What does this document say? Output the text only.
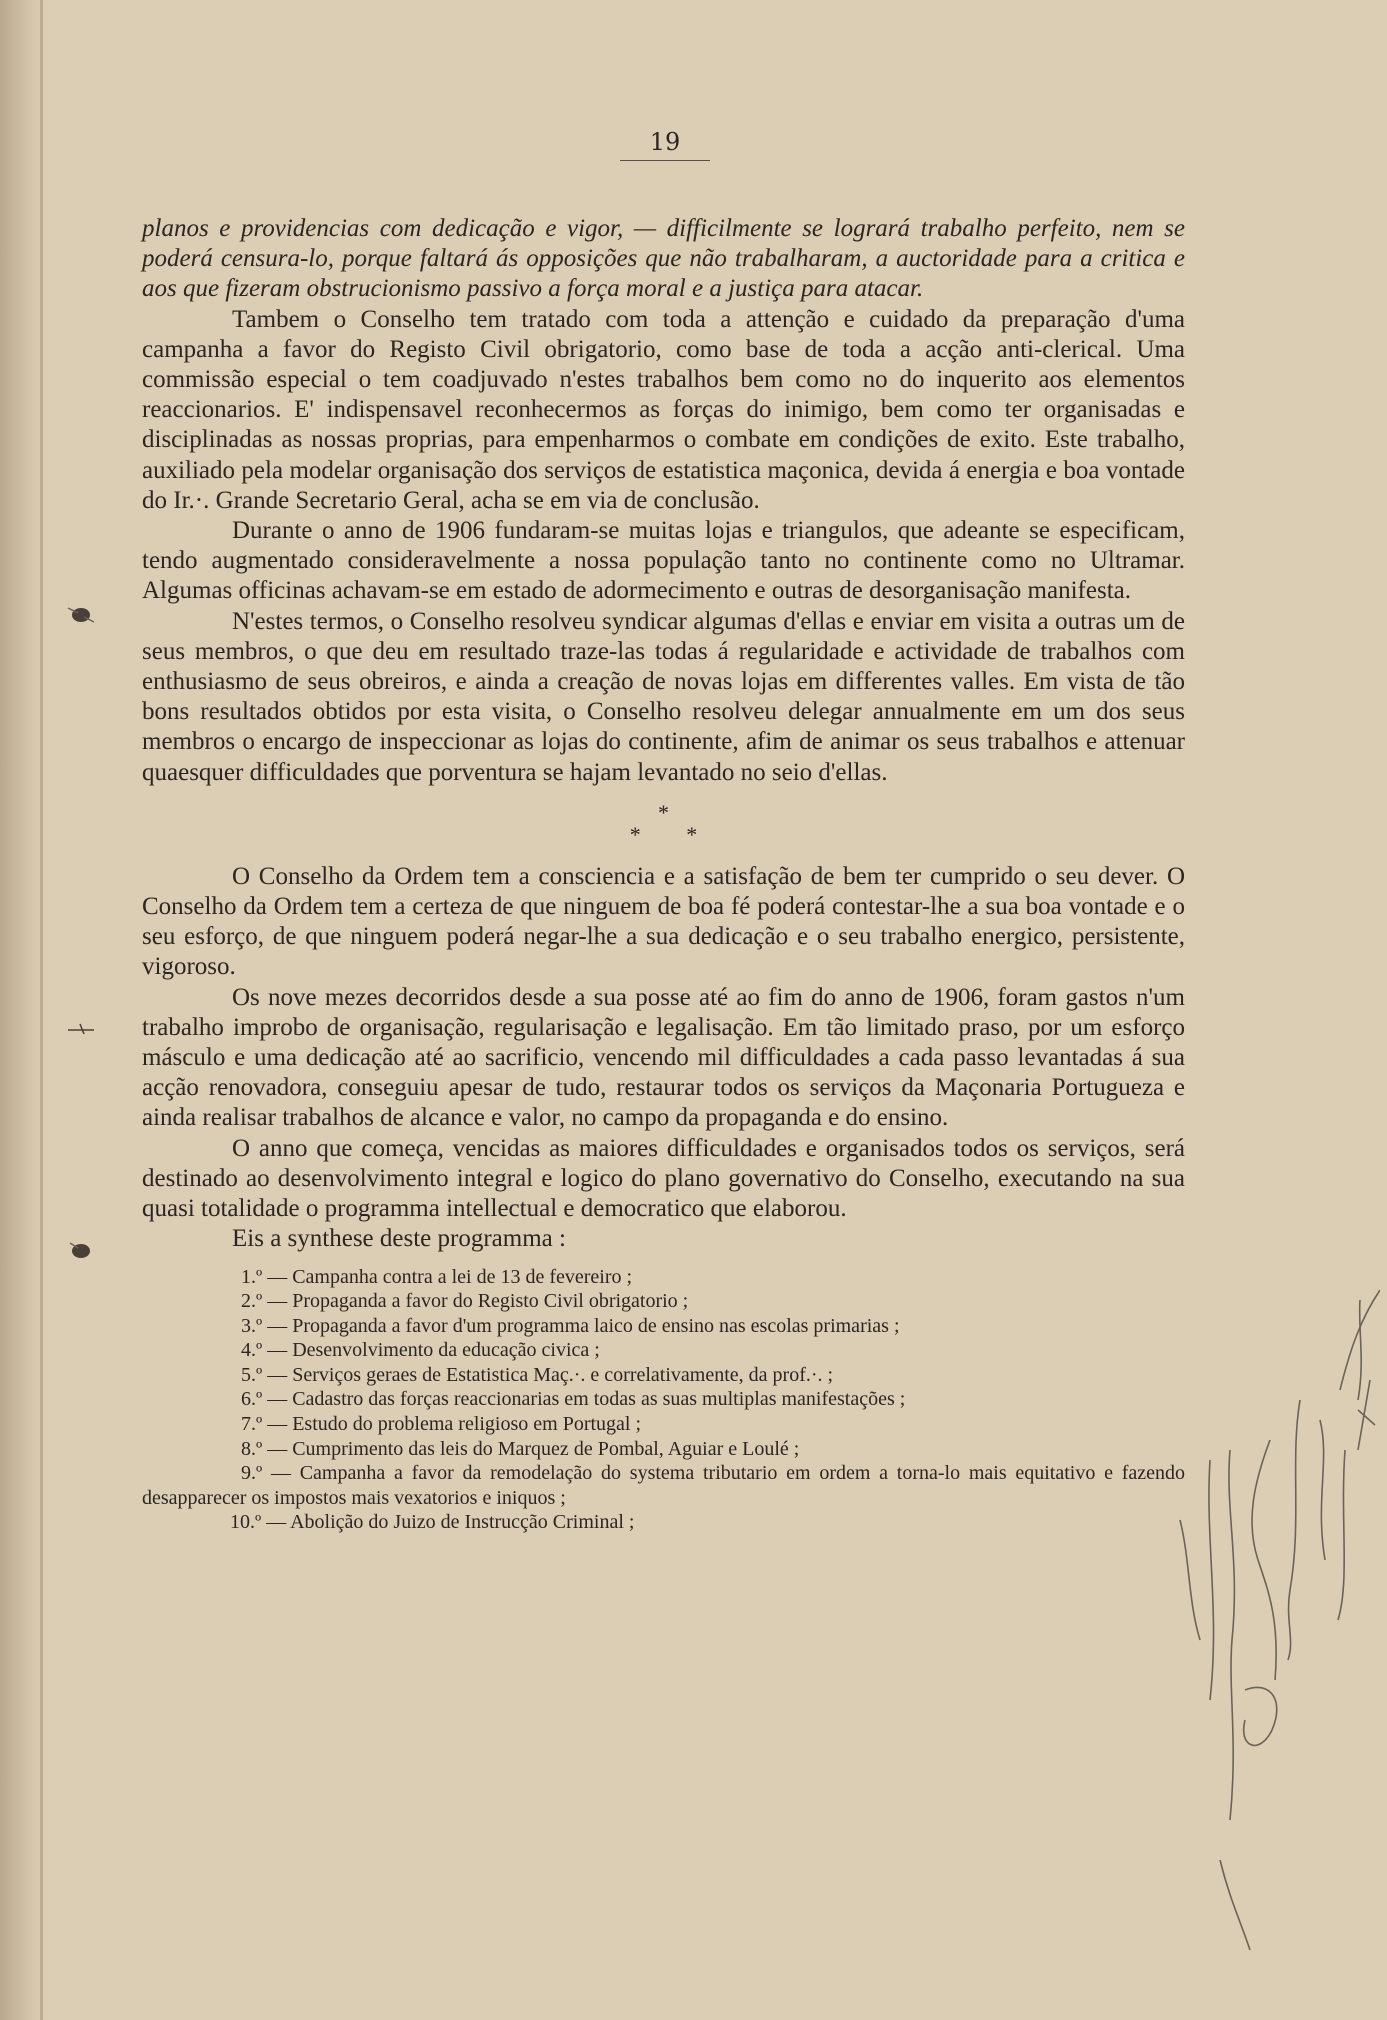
19

planos e providencias com dedicação e vigor, — difficilmente se logrará trabalho perfeito, nem se poderá censura-lo, porque faltará ás opposições que não trabalharam, a auctoridade para a critica e aos que fizeram obstrucionismo passivo a força moral e a justiça para atacar.

Tambem o Conselho tem tratado com toda a attenção e cuidado da preparação d'uma campanha a favor do Registo Civil obrigatorio, como base de toda a acção anti-clerical. Uma commissão especial o tem coadjuvado n'estes trabalhos bem como no do inquerito aos elementos reaccionarios. E' indispensavel reconhecermos as forças do inimigo, bem como ter organisadas e disciplinadas as nossas proprias, para empenharmos o combate em condições de exito. Este trabalho, auxiliado pela modelar organisação dos serviços de estatistica maçonica, devida á energia e boa vontade do Ir.·. Grande Secretario Geral, acha se em via de conclusão.

Durante o anno de 1906 fundaram-se muitas lojas e triangulos, que adeante se especificam, tendo augmentado consideravelmente a nossa população tanto no continente como no Ultramar. Algumas officinas achavam-se em estado de adormecimento e outras de desorganisação manifesta.

N'estes termos, o Conselho resolveu syndicar algumas d'ellas e enviar em visita a outras um de seus membros, o que deu em resultado traze-las todas á regularidade e actividade de trabalhos com enthusiasmo de seus obreiros, e ainda a creação de novas lojas em differentes valles. Em vista de tão bons resultados obtidos por esta visita, o Conselho resolveu delegar annualmente em um dos seus membros o encargo de inspeccionar as lojas do continente, afim de animar os seus trabalhos e attenuar quaesquer difficuldades que porventura se hajam levantado no seio d'ellas.

*
* *

O Conselho da Ordem tem a consciencia e a satisfação de bem ter cumprido o seu dever. O Conselho da Ordem tem a certeza de que ninguem de boa fé poderá contestar-lhe a sua boa vontade e o seu esforço, de que ninguem poderá negar-lhe a sua dedicação e o seu trabalho energico, persistente, vigoroso.

Os nove mezes decorridos desde a sua posse até ao fim do anno de 1906, foram gastos n'um trabalho improbo de organisação, regularisação e legalisação. Em tão limitado praso, por um esforço másculo e uma dedicação até ao sacrificio, vencendo mil difficuldades a cada passo levantadas á sua acção renovadora, conseguiu apesar de tudo, restaurar todos os serviços da Maçonaria Portugueza e ainda realisar trabalhos de alcance e valor, no campo da propaganda e do ensino.

O anno que começa, vencidas as maiores difficuldades e organisados todos os serviços, será destinado ao desenvolvimento integral e logico do plano governativo do Conselho, executando na sua quasi totalidade o programma intellectual e democratico que elaborou.

Eis a synthese deste programma :

1.º — Campanha contra a lei de 13 de fevereiro ;
2.º — Propaganda a favor do Registo Civil obrigatorio ;
3.º — Propaganda a favor d'um programma laico de ensino nas escolas primarias ;
4.º — Desenvolvimento da educação civica ;
5.º — Serviços geraes de Estatistica Maç.·. e correlativamente, da prof.·. ;
6.º — Cadastro das forças reaccionarias em todas as suas multiplas manifestações ;
7.º — Estudo do problema religioso em Portugal ;
8.º — Cumprimento das leis do Marquez de Pombal, Aguiar e Loulé ;
9.º — Campanha a favor da remodelação do systema tributario em ordem a torna-lo mais equitativo e fazendo desapparecer os impostos mais vexatorios e iniquos ;
10.º — Abolição do Juizo de Instrucção Criminal ;
